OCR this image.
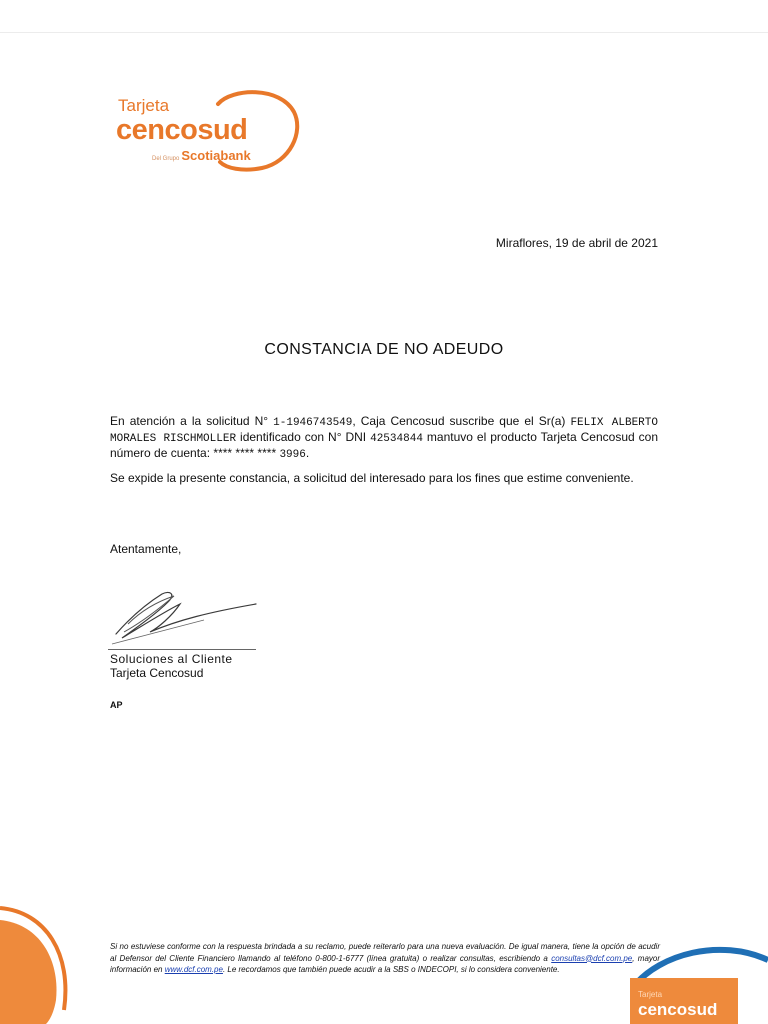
Tarjeta
cencosud
Del Grupo Scotiabank
Miraflores, 19 de abril de 2021
CONSTANCIA DE NO ADEUDO
En atención a la solicitud N° 1-1946743549, Caja Cencosud suscribe que el Sr(a) FELIX ALBERTO MORALES RISCHMOLLER identificado con N° DNI 42534844 mantuvo el producto Tarjeta Cencosud con número de cuenta: **** **** **** 3996.
Se expide la presente constancia, a solicitud del interesado para los fines que estime conveniente.
Atentamente,
Soluciones al Cliente
Tarjeta Cencosud
AP
Si no estuviese conforme con la respuesta brindada a su reclamo, puede reiterarlo para una nueva evaluación. De igual manera, tiene la opción de acudir al Defensor del Cliente Financiero llamando al teléfono 0-800-1-6777 (línea gratuita) o realizar consultas, escribiendo a consultas@dcf.com.pe, mayor información en www.dcf.com.pe. Le recordamos que también puede acudir a la SBS o INDECOPI, si lo considera conveniente.
Tarjeta
cencosud
